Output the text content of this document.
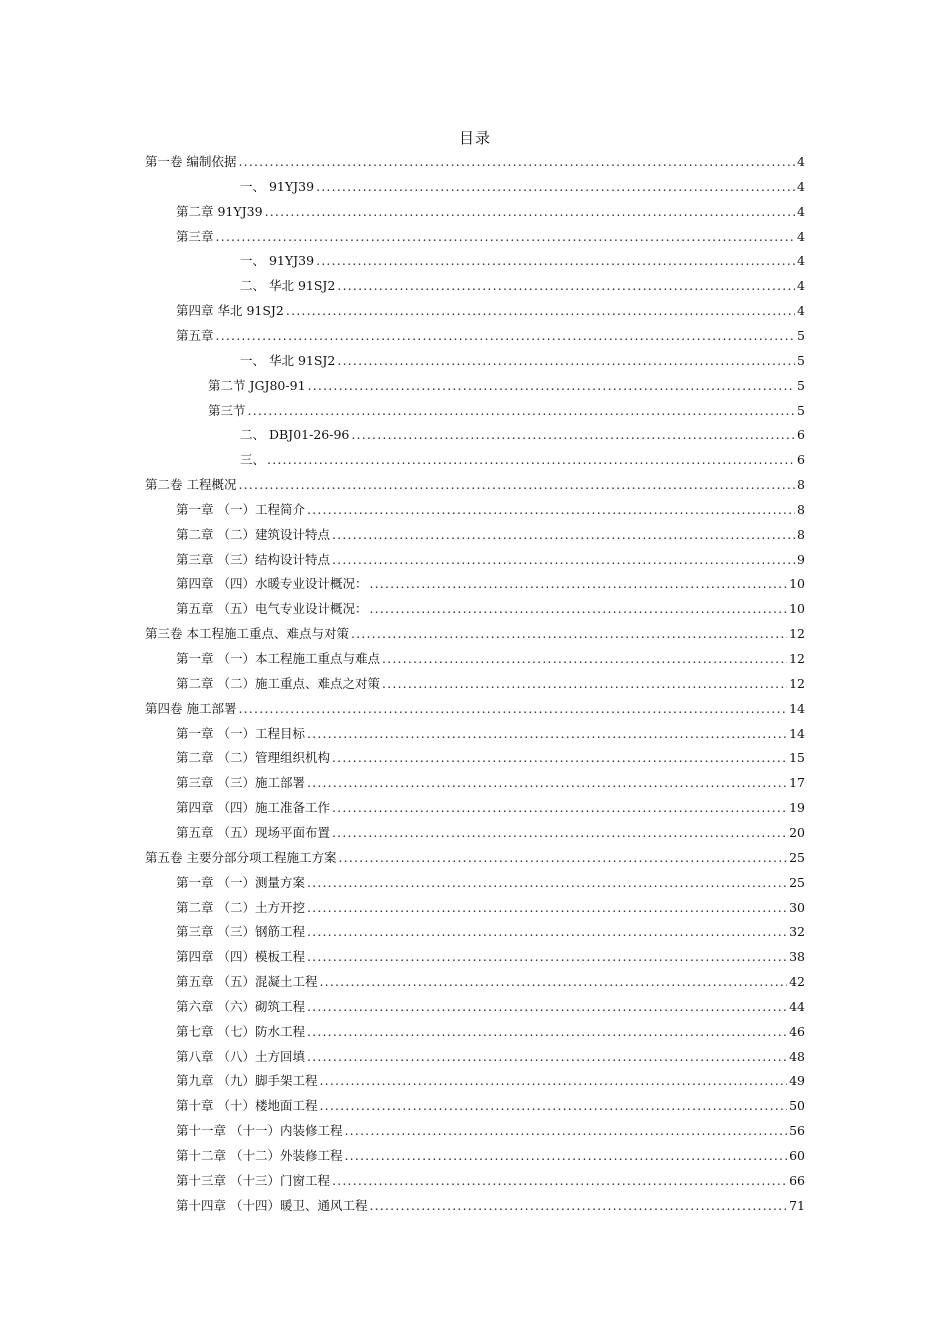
目录
第一卷 编制依据 .....	4
一、 91YJ39 .....	4
第二章 91YJ39 .....	4
第三章 .....	4
一、 91YJ39 .....	4
二、 华北 91SJ2 .....	4
第四章 华北 91SJ2 .....	4
第五章 .....	5
一、 华北 91SJ2 .....	5
第二节 JGJ80-91 .....	5
第三节 .....	5
二、 DBJ01-26-96 .....	6
三、 .....	6
第二卷 工程概况 .....	8
第一章 （一）工程简介 .....	8
第二章 （二）建筑设计特点 .....	8
第三章 （三）结构设计特点 .....	9
第四章 （四）水暖专业设计概况： .....	10
第五章 （五）电气专业设计概况： .....	10
第三卷 本工程施工重点、难点与对策 .....	12
第一章 （一）本工程施工重点与难点 .....	12
第二章 （二）施工重点、难点之对策 .....	12
第四卷 施工部署 .....	14
第一章 （一）工程目标 .....	14
第二章 （二）管理组织机构 .....	15
第三章 （三）施工部署 .....	17
第四章 （四）施工准备工作 .....	19
第五章 （五）现场平面布置 .....	20
第五卷 主要分部分项工程施工方案 .....	25
第一章 （一）测量方案 .....	25
第二章 （二）土方开挖 .....	30
第三章 （三）钢筋工程 .....	32
第四章 （四）模板工程 .....	38
第五章 （五）混凝土工程 .....	42
第六章 （六）砌筑工程 .....	44
第七章 （七）防水工程 .....	46
第八章 （八）土方回填 .....	48
第九章 （九）脚手架工程 .....	49
第十章 （十）楼地面工程 .....	50
第十一章 （十一）内装修工程 .....	56
第十二章 （十二）外装修工程 .....	60
第十三章 （十三）门窗工程 .....	66
第十四章 （十四）暖卫、通风工程 .....	71
